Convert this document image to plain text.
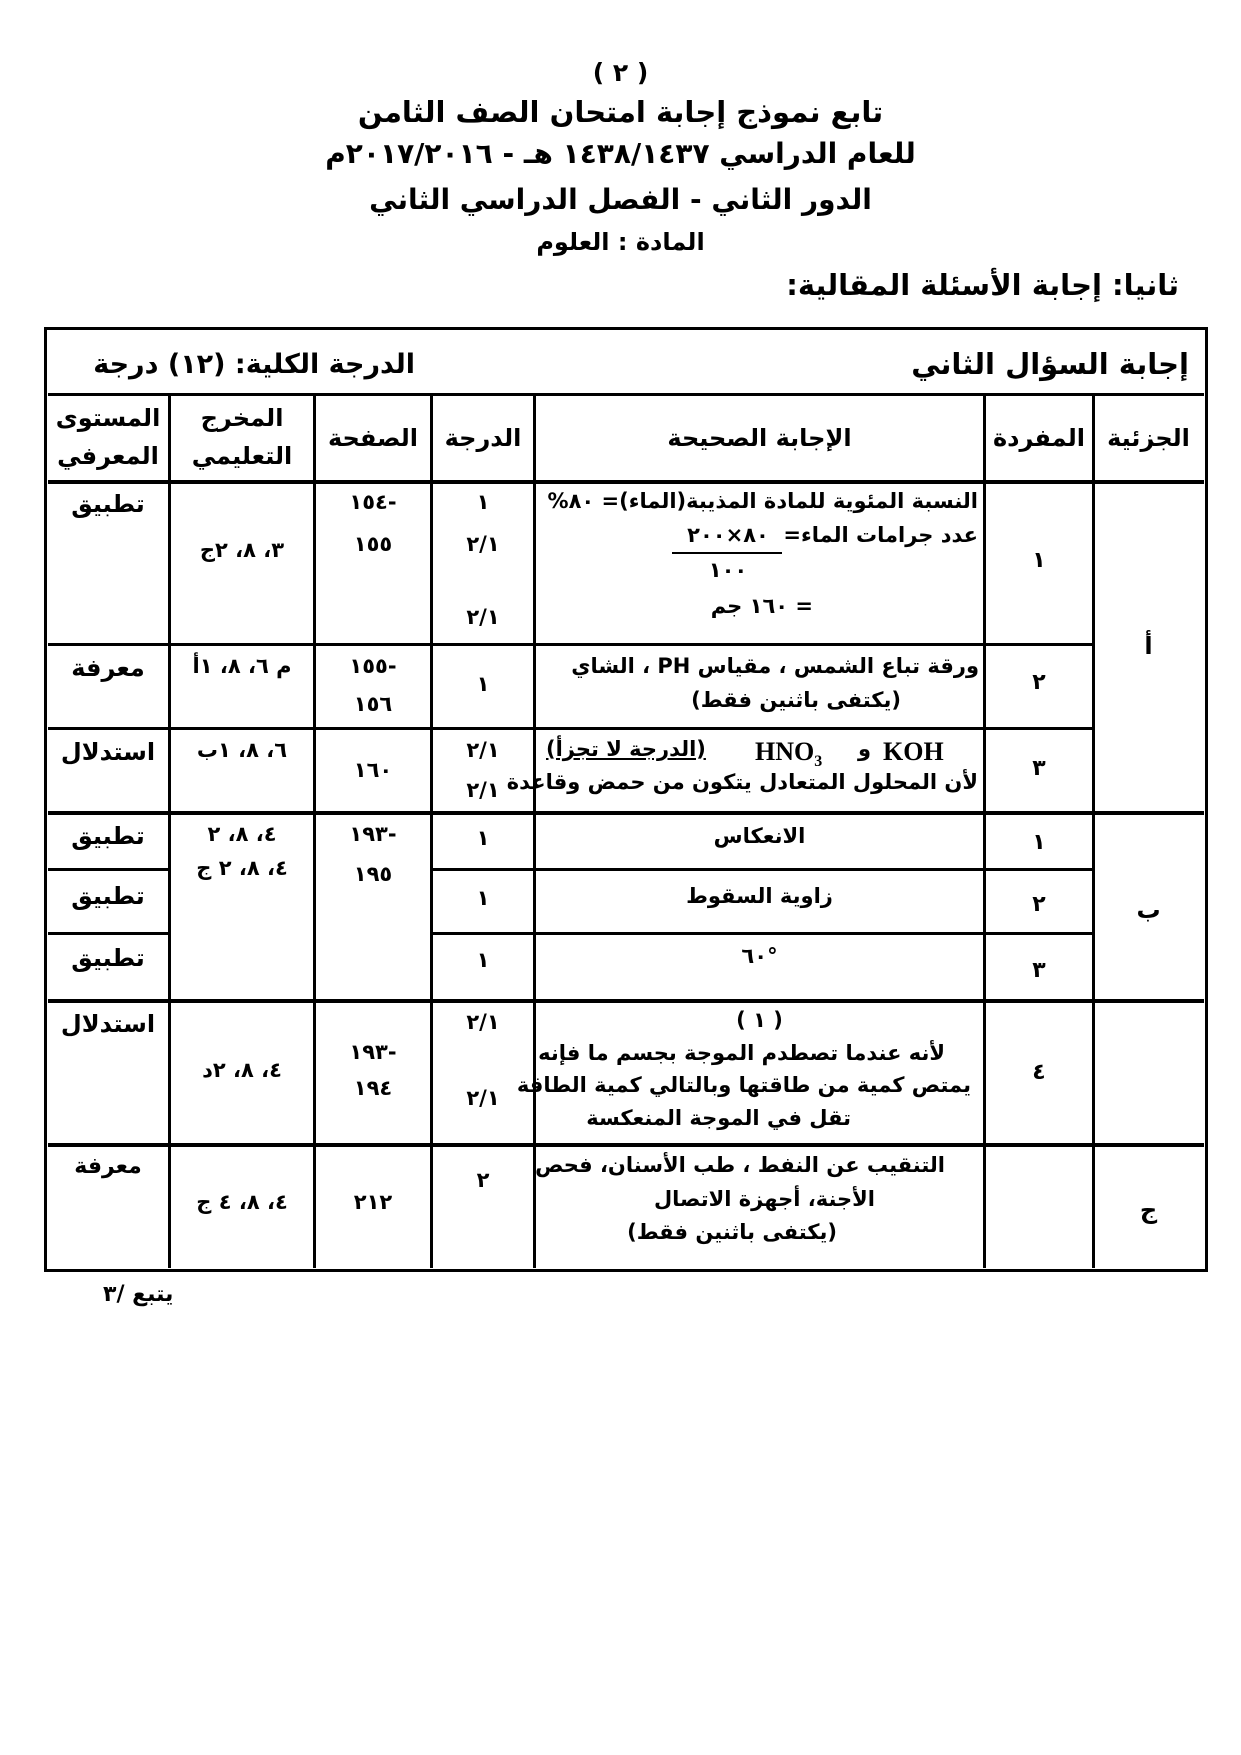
( ٢ )
تابع نموذج إجابة امتحان الصف الثامن
للعام الدراسي ١٤٣٨/١٤٣٧ هـ - ٢٠١٧/٢٠١٦م
الدور الثاني - الفصل الدراسي الثاني
المادة : العلوم
ثانيا: إجابة الأسئلة المقالية:
إجابة السؤال الثاني
الدرجة الكلية: (١٢) درجة
الجزئية
المفردة
الإجابة الصحيحة
الدرجة
الصفحة
المخرج
التعليمي
المستوى
المعرفي
أ
١
النسبة المئوية للمادة المذيبة(الماء)= ٨٠%
عدد جرامات الماء=
٨٠×٢٠٠
١٠٠
= ١٦٠ جم
١
٢/١
٢/١
١٥٤-
١٥٥
٣، ٨، ٢ج
تطبيق
٢
ورقة تباع الشمس ، مقياس PH ، الشاي
(يكتفى باثنين فقط)
١
١٥٥-
١٥٦
م ٦، ٨، ١أ
معرفة
٣
KOH
و
$HNO_3$
(الدرجة لا تجزأ)
لأن المحلول المتعادل يتكون من حمض وقاعدة
٢/١
٢/١
١٦٠
٦، ٨، ١ب
استدلال
ب
٤، ٨، ٢
٤، ٨، ٢ ج
١٩٣-
١٩٥
١
الانعكاس
١
تطبيق
٢
زاوية السقوط
١
تطبيق
٣
٦٠°
١
تطبيق
٤
( ١ )
لأنه عندما تصطدم الموجة بجسم ما فإنه
يمتص كمية من طاقتها وبالتالي كمية الطاقة
تقل في الموجة المنعكسة
٢/١
٢/١
١٩٣-
١٩٤
٤، ٨، ٢د
استدلال
ج
التنقيب عن النفط ، طب الأسنان، فحص
الأجنة، أجهزة الاتصال
(يكتفى باثنين فقط)
٢
٢١٢
٤، ٨، ٤ ج
معرفة
يتبع /٣
